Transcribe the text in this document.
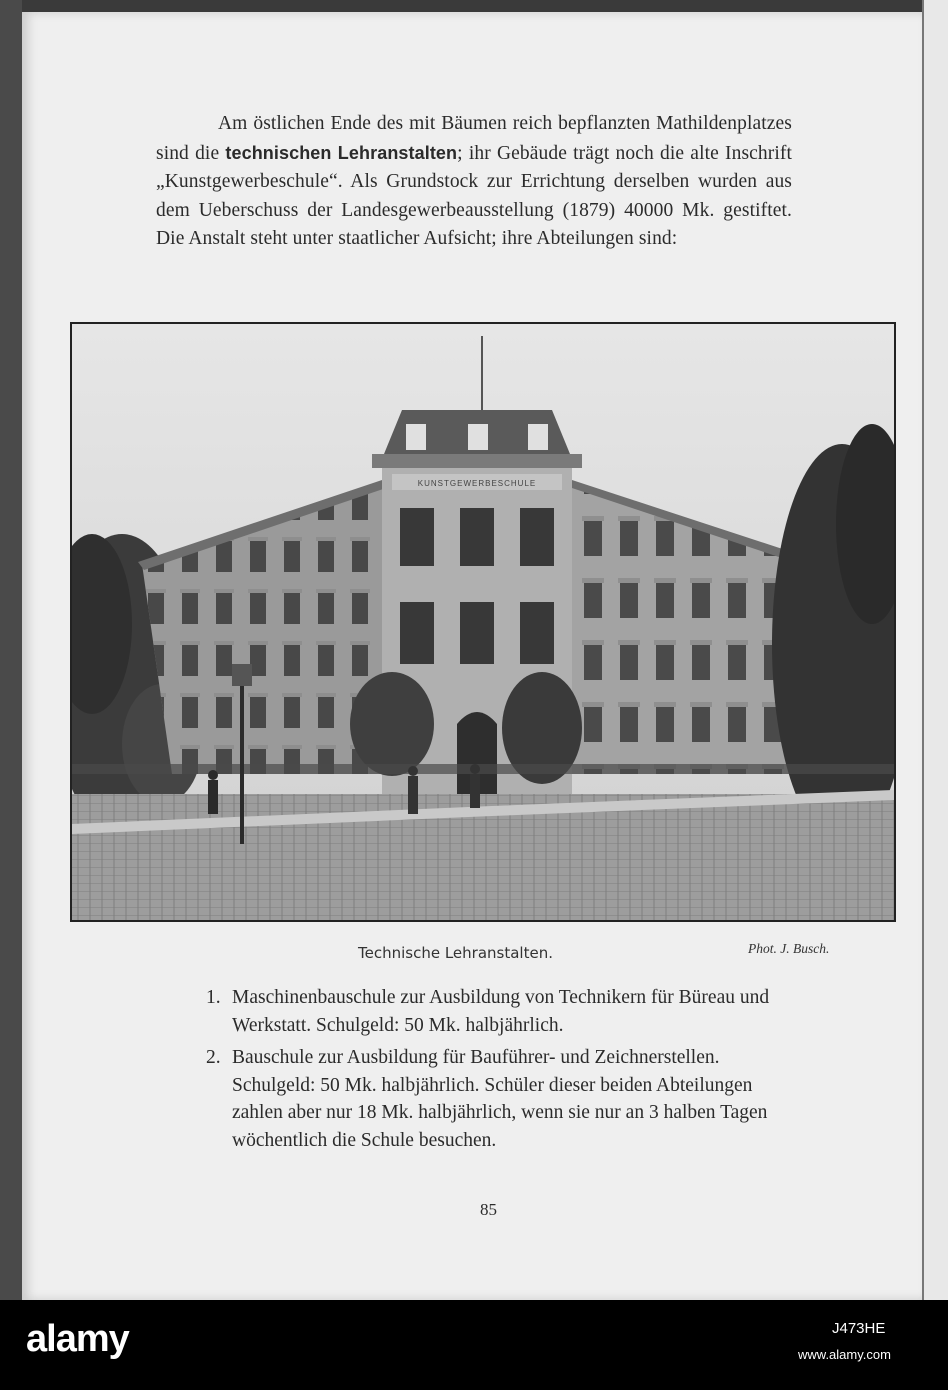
Am östlichen Ende des mit Bäumen reich bepflanzten Mathildenplatzes sind die technischen Lehranstalten; ihr Gebäude trägt noch die alte Inschrift „Kunstgewerbeschule“. Als Grundstock zur Errichtung derselben wurden aus dem Ueberschuss der Landesgewerbeausstellung (1879) 40000 Mk. gestiftet. Die Anstalt steht unter staatlicher Aufsicht; ihre Abteilungen sind:

KUNSTGEWERBESCHULE
Technische Lehranstalten.	Phot. J. Busch.
1. Maschinenbauschule zur Ausbildung von Technikern für Büreau und Werkstatt. Schulgeld: 50 Mk. halbjährlich.
2. Bauschule zur Ausbildung für Bauführer- und Zeichnerstellen. Schulgeld: 50 Mk. halbjährlich. Schüler dieser beiden Abteilungen zahlen aber nur 18 Mk. halbjährlich, wenn sie nur an 3 halben Tagen wöchentlich die Schule besuchen.
85
alamy	J473HE
www.alamy.com
